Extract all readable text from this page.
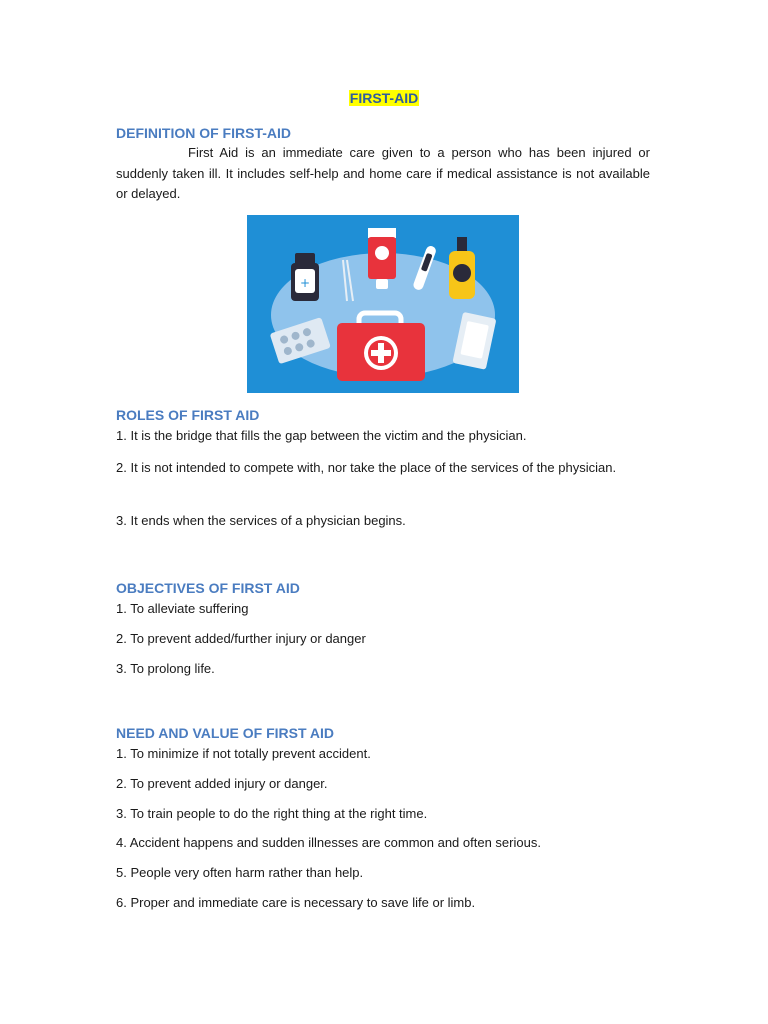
FIRST-AID
DEFINITION OF FIRST-AID
First Aid is an immediate care given to a person who has been injured or suddenly taken ill. It includes self-help and home care if medical assistance is not available or delayed.
+
ROLES OF FIRST AID
1. It is the bridge that fills the gap between the victim and the physician.
2. It is not intended to compete with, nor take the place of the services of the physician.
3. It ends when the services of a physician begins.
OBJECTIVES OF FIRST AID
1. To alleviate suffering
2. To prevent added/further injury or danger
3. To prolong life.
NEED AND VALUE OF FIRST AID
1. To minimize if not totally prevent accident.
2. To prevent added injury or danger.
3. To train people to do the right thing at the right time.
4. Accident happens and sudden illnesses are common and often serious.
5. People very often harm rather than help.
6. Proper and immediate care is necessary to save life or limb.
